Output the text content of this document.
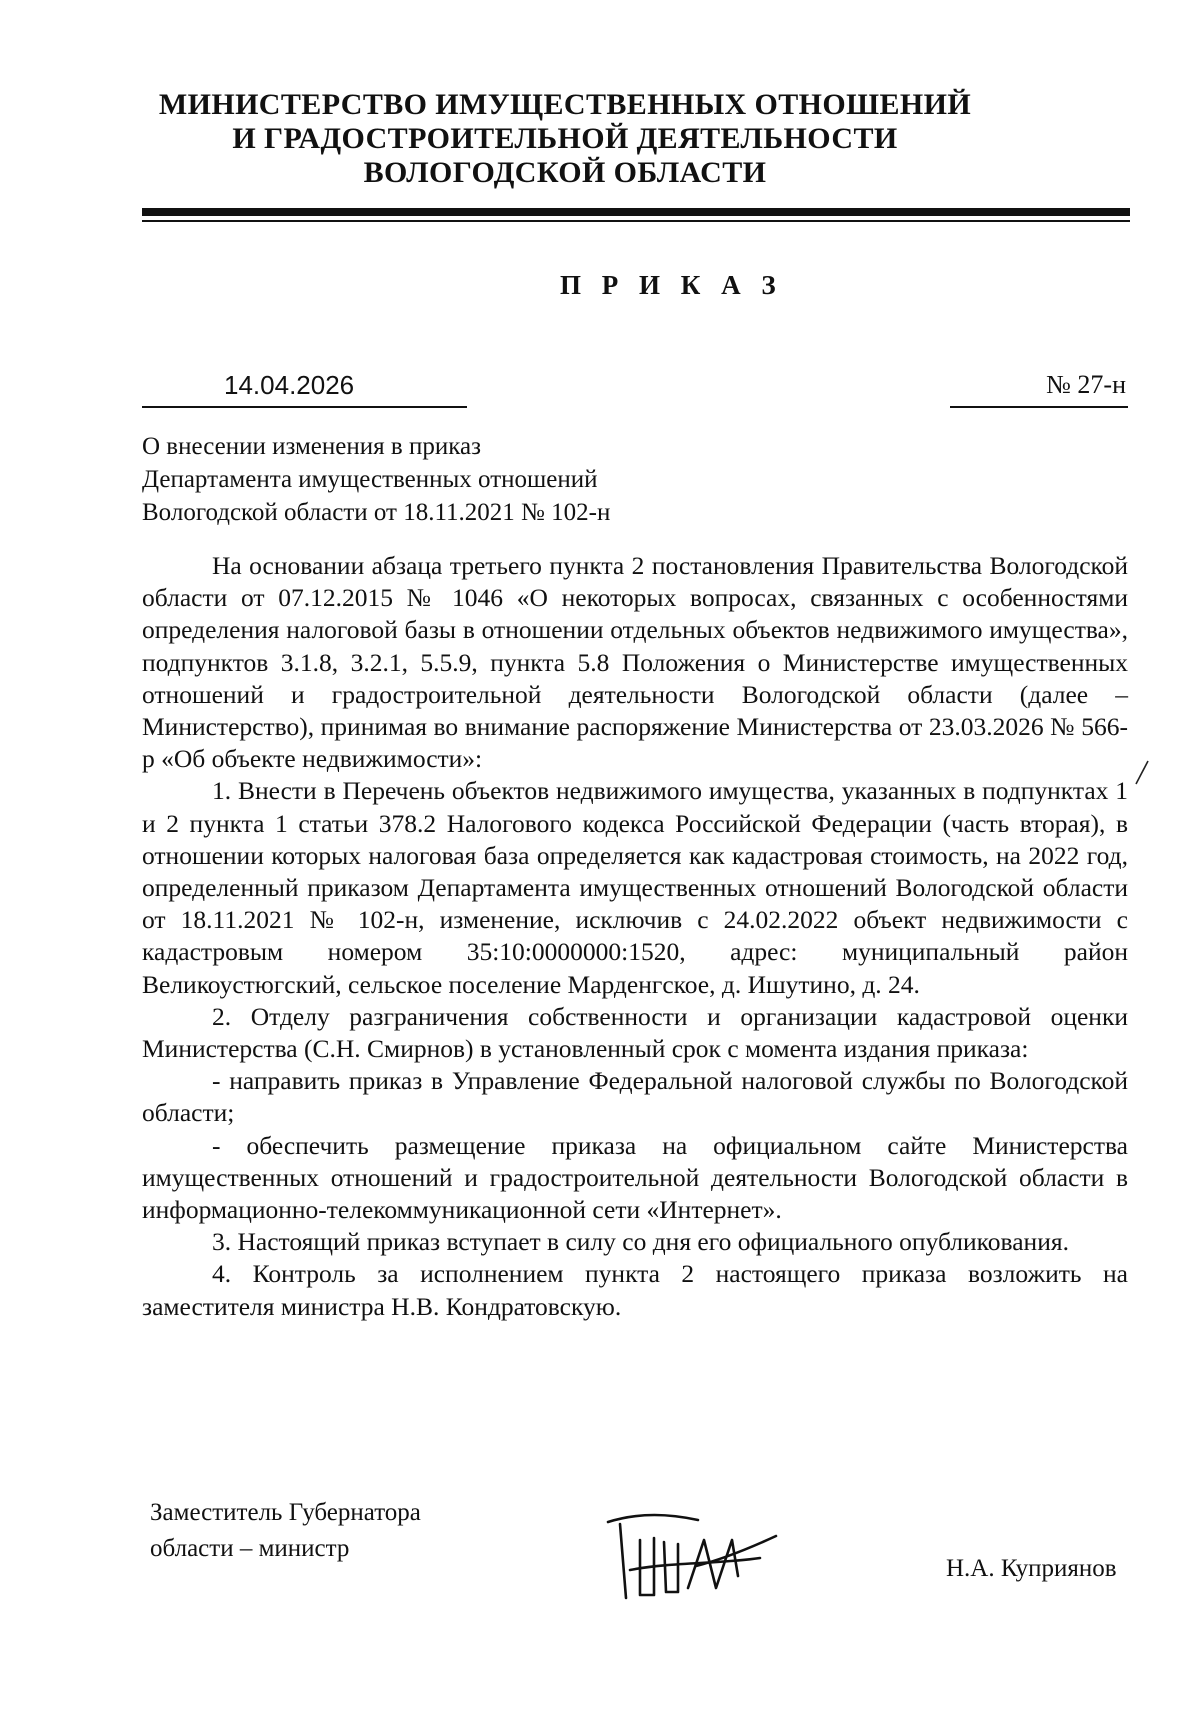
МИНИСТЕРСТВО ИМУЩЕСТВЕННЫХ ОТНОШЕНИЙ
И ГРАДОСТРОИТЕЛЬНОЙ ДЕЯТЕЛЬНОСТИ
ВОЛОГОДСКОЙ ОБЛАСТИ
П Р И К А З
14.04.2026	№ 27-н
О внесении изменения в приказ
Департамента имущественных отношений
Вологодской области от 18.11.2021 № 102-н

На основании абзаца третьего пункта 2 постановления Правительства Вологодской области от 07.12.2015 № 1046 «О некоторых вопросах, связанных с особенностями определения налоговой базы в отношении отдельных объектов недвижимого имущества», подпунктов 3.1.8, 3.2.1, 5.5.9, пункта 5.8 Положения о Министерстве имущественных отношений и градостроительной деятельности Вологодской области (далее – Министерство), принимая во внимание распоряжение Министерства от 23.03.2026 № 566-р «Об объекте недвижимости»:

1. Внести в Перечень объектов недвижимого имущества, указанных в подпунктах 1 и 2 пункта 1 статьи 378.2 Налогового кодекса Российской Федерации (часть вторая), в отношении которых налоговая база определяется как кадастровая стоимость, на 2022 год, определенный приказом Департамента имущественных отношений Вологодской области от 18.11.2021 № 102-н, изменение, исключив с 24.02.2022 объект недвижимости с кадастровым номером 35:10:0000000:1520, адрес: муниципальный район Великоустюгский, сельское поселение Марденгское, д. Ишутино, д. 24.

2. Отделу разграничения собственности и организации кадастровой оценки Министерства (С.Н. Смирнов) в установленный срок с момента издания приказа:

- направить приказ в Управление Федеральной налоговой службы по Вологодской области;

- обеспечить размещение приказа на официальном сайте Министерства имущественных отношений и градостроительной деятельности Вологодской области в информационно-телекоммуникационной сети «Интернет».

3. Настоящий приказ вступает в силу со дня его официального опубликования.

4. Контроль за исполнением пункта 2 настоящего приказа возложить на заместителя министра Н.В. Кондратовскую.

Заместитель Губернатора
области – министр
Н.А. Куприянов
